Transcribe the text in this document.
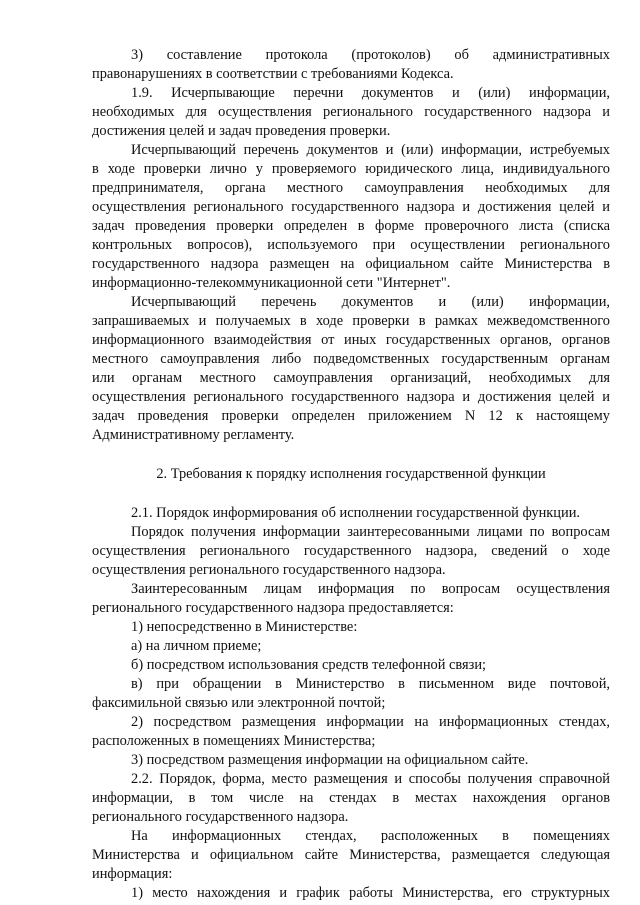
3) составление протокола (протоколов) об административных
правонарушениях в соответствии с требованиями Кодекса.
1.9. Исчерпывающие перечни документов и (или) информации,
необходимых для осуществления регионального государственного надзора и
достижения целей и задач проведения проверки.
Исчерпывающий перечень документов и (или) информации, истребуемых
в ходе проверки лично у проверяемого юридического лица, индивидуального
предпринимателя, органа местного самоуправления необходимых для
осуществления регионального государственного надзора и достижения целей и
задач проведения проверки определен в форме проверочного листа (списка
контрольных вопросов), используемого при осуществлении регионального
государственного надзора размещен на официальном сайте Министерства в
информационно-телекоммуникационной сети "Интернет".
Исчерпывающий перечень документов и (или) информации,
запрашиваемых и получаемых в ходе проверки в рамках межведомственного
информационного взаимодействия от иных государственных органов, органов
местного самоуправления либо подведомственных государственным органам
или органам местного самоуправления организаций, необходимых для
осуществления регионального государственного надзора и достижения целей и
задач проведения проверки определен приложением N 12 к настоящему
Административному регламенту.
2. Требования к порядку исполнения государственной функции
2.1. Порядок информирования об исполнении государственной функции.
Порядок получения информации заинтересованными лицами по вопросам
осуществления регионального государственного надзора, сведений о ходе
осуществления регионального государственного надзора.
Заинтересованным лицам информация по вопросам осуществления
регионального государственного надзора предоставляется:
1) непосредственно в Министерстве:
а) на личном приеме;
б) посредством использования средств телефонной связи;
в) при обращении в Министерство в письменном виде почтовой,
факсимильной связью или электронной почтой;
2) посредством размещения информации на информационных стендах,
расположенных в помещениях Министерства;
3) посредством размещения информации на официальном сайте.
2.2. Порядок, форма, место размещения и способы получения справочной
информации, в том числе на стендах в местах нахождения органов
регионального государственного надзора.
На информационных стендах, расположенных в помещениях
Министерства и официальном сайте Министерства, размещается следующая
информация:
1) место нахождения и график работы Министерства, его структурных
